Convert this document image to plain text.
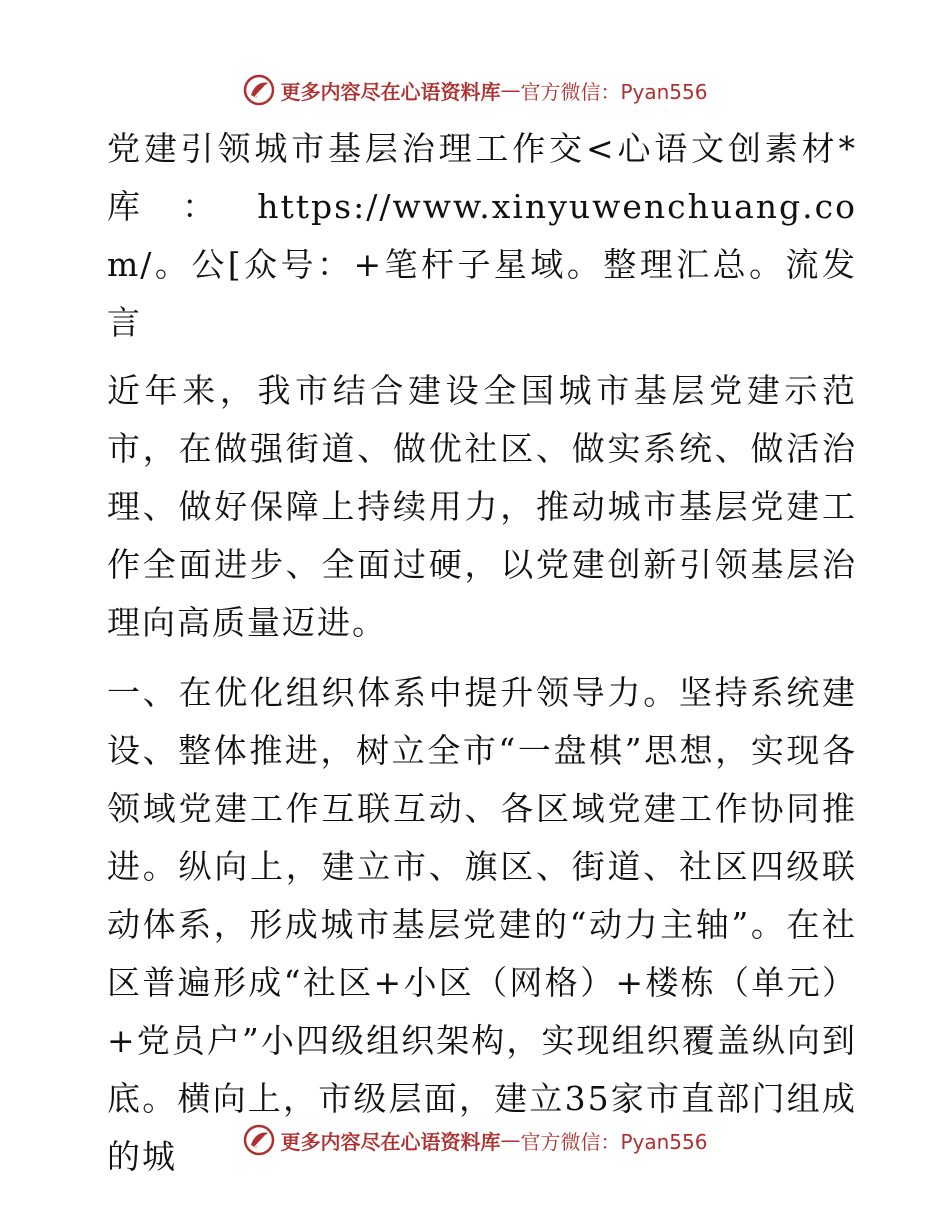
更多内容尽在心语资料库 — 官方微信：Pyan556

党建引领城市基层治理工作交<心语文创素材*库：https://www.xinyuwenchuang.com/。公[众号：+笔杆子星域。整理汇总。流发言

近年来，我市结合建设全国城市基层党建示范市，在做强街道、做优社区、做实系统、做活治理、做好保障上持续用力，推动城市基层党建工作全面进步、全面过硬，以党建创新引领基层治理向高质量迈进。

一、在优化组织体系中提升领导力。坚持系统建设、整体推进，树立全市“一盘棋”思想，实现各领域党建工作互联互动、各区域党建工作协同推进。纵向上，建立市、旗区、街道、社区四级联动体系，形成城市基层党建的“动力主轴”。在社区普遍形成“社区+小区（网格）+楼栋（单元）+党员户”小四级组织架构，实现组织覆盖纵向到底。横向上，市级层面，建立35家市直部门组成的城	更多内容尽在心语资料库 — 官方微信：Pyan556
